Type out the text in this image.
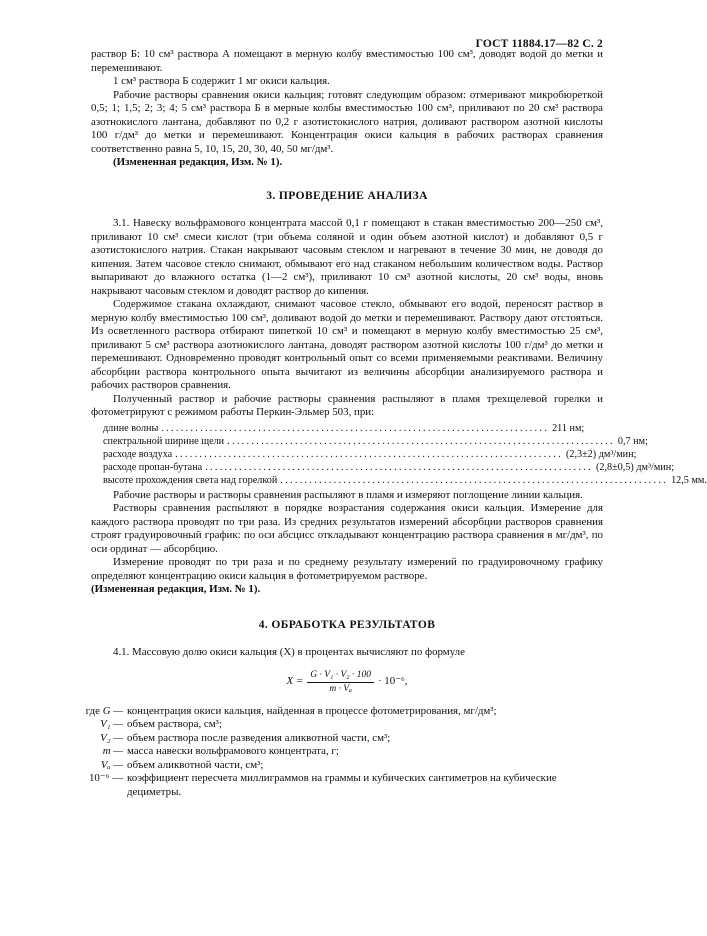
ГОСТ 11884.17—82 С. 2

раствор Б: 10 см³ раствора А помещают в мерную колбу вместимостью 100 см³, доводят водой до метки и перемешивают.

1 см³ раствора Б содержит 1 мг окиси кальция.

Рабочие растворы сравнения окиси кальция; готовят следующим образом: отмеривают микробюреткой 0,5; 1; 1,5; 2; 3; 4; 5 см³ раствора Б в мерные колбы вместимостью 100 см³, приливают по 20 см³ раствора азотнокислого лантана, добавляют по 0,2 г азотистокислого натрия, доливают раствором азотной кислоты 100 г/дм³ до метки и перемешивают. Концентрация окиси кальция в рабочих растворах сравнения соответственно равна 5, 10, 15, 20, 30, 40, 50 мг/дм³.

(Измененная редакция, Изм. № 1).

3. ПРОВЕДЕНИЕ АНАЛИЗА

3.1. Навеску вольфрамового концентрата массой 0,1 г помещают в стакан вместимостью 200—250 см³, приливают 10 см³ смеси кислот (три объема соляной и один объем азотной кислот) и добавляют 0,5 г азотистокислого натрия. Стакан накрывают часовым стеклом и нагревают в течение 30 мин, не доводя до кипения. Затем часовое стекло снимают, обмывают его над стаканом небольшим количеством воды. Раствор выпаривают до влажного остатка (1—2 см³), приливают 10 см³ азотной кислоты, 20 см³ воды, вновь накрывают часовым стеклом и доводят раствор до кипения.

Содержимое стакана охлаждают, снимают часовое стекло, обмывают его водой, переносят раствор в мерную колбу вместимостью 100 см³, доливают водой до метки и перемешивают. Раствору дают отстояться. Из осветленного раствора отбирают пипеткой 10 см³ и помещают в мерную колбу вместимостью 25 см³, приливают 5 см³ раствора азотнокислого лантана, доводят раствором азотной кислоты 100 г/дм³ до метки и перемешивают. Одновременно проводят контрольный опыт со всеми применяемыми реактивами. Величину абсорбции раствора контрольного опыта вычитают из величины абсорбции анализируемого раствора и рабочих растворов сравнения.

Полученный раствор и рабочие растворы сравнения распыляют в пламя трехщелевой горелки и фотометрируют с режимом работы Перкин-Эльмер 503, при:

длине волны ................................................................................ 211 нм;
спектральной ширине щели ................................................................................ 0,7 нм;
расходе воздуха ................................................................................ (2,3±2) дм³/мин;
расходе пропан-бутана ................................................................................ (2,8±0,5) дм³/мин;
высоте прохождения света над горелкой ................................................................................ 12,5 мм.

Рабочие растворы и растворы сравнения распыляют в пламя и измеряют поглощение линии кальция.

Растворы сравнения распыляют в порядке возрастания содержания окиси кальция. Измерение для каждого раствора проводят по три раза. Из средних результатов измерений абсорбции растворов сравнения строят градуировочный график: по оси абсцисс откладывают концентрацию раствора сравнения в мг/дм³, по оси ординат — абсорбцию.

Измерение проводят по три раза и по среднему результату измерений по градуировочному графику определяют концентрацию окиси кальция в фотометрируемом растворе.

(Измененная редакция, Изм. № 1).

4. ОБРАБОТКА РЕЗУЛЬТАТОВ

4.1. Массовую долю окиси кальция (X) в процентах вычисляют по формуле

$X = \frac{\text{G · V₁ · V₂ · 100}}{\text{m · Vₐ}} \cdot 10^{-6}$,
где G — концентрация окиси кальция, найденная в процессе фотометрирования, мг/дм³;
V₁ — объем раствора, см³;
V₂ — объем раствора после разведения аликвотной части, см³;
m — масса навески вольфрамового концентрата, г;
Vₐ — объем аликвотной части, см³;
10⁻⁶ — коэффициент пересчета миллиграммов на граммы и кубических сантиметров на кубические дециметры.
